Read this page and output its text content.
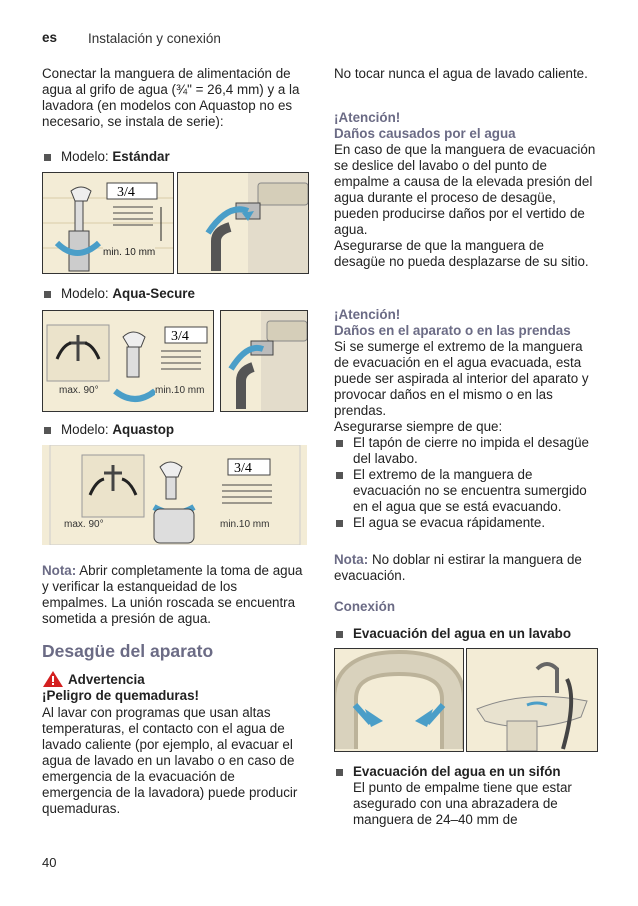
es Instalación y conexión

Conectar la manguera de alimentación de agua al grifo de agua (¾" = 26,4 mm) y a la lavadora (en modelos con Aquastop no es necesario, se instala de serie):

Modelo: Estándar
3/4
min. 10 mm
Modelo: Aqua-Secure
3/4
max. 90°	min.10 mm
Modelo: Aquastop
3/4
max. 90°	min.10 mm

Nota: Abrir completamente la toma de agua y verificar la estanqueidad de los empalmes. La unión roscada se encuentra sometida a presión de agua.

Desagüe del aparato
Advertencia
¡Peligro de quemaduras!

Al lavar con programas que usan altas temperaturas, el contacto con el agua de lavado caliente (por ejemplo, al evacuar el agua de lavado en un lavabo o en caso de emergencia de la evacuación de emergencia de la lavadora) puede producir quemaduras.

No tocar nunca el agua de lavado caliente.

¡Atención!

Daños causados por el agua

En caso de que la manguera de evacuación se deslice del lavabo o del punto de empalme a causa de la elevada presión del agua durante el proceso de desagüe, pueden producirse daños por el vertido de agua.

Asegurarse de que la manguera de desagüe no pueda desplazarse de su sitio.

¡Atención!

Daños en el aparato o en las prendas

Si se sumerge el extremo de la manguera de evacuación en el agua evacuada, esta puede ser aspirada al interior del aparato y provocar daños en el mismo o en las prendas.

Asegurarse siempre de que:

El tapón de cierre no impida el desagüe del lavabo.
El extremo de la manguera de evacuación no se encuentra sumergido en el agua que se está evacuando.
El agua se evacua rápidamente.

Nota: No doblar ni estirar la manguera de evacuación.

Conexión
Evacuación del agua en un lavabo
Evacuación del agua en un sifón

El punto de empalme tiene que estar asegurado con una abrazadera de manguera de 24–40 mm de

40
